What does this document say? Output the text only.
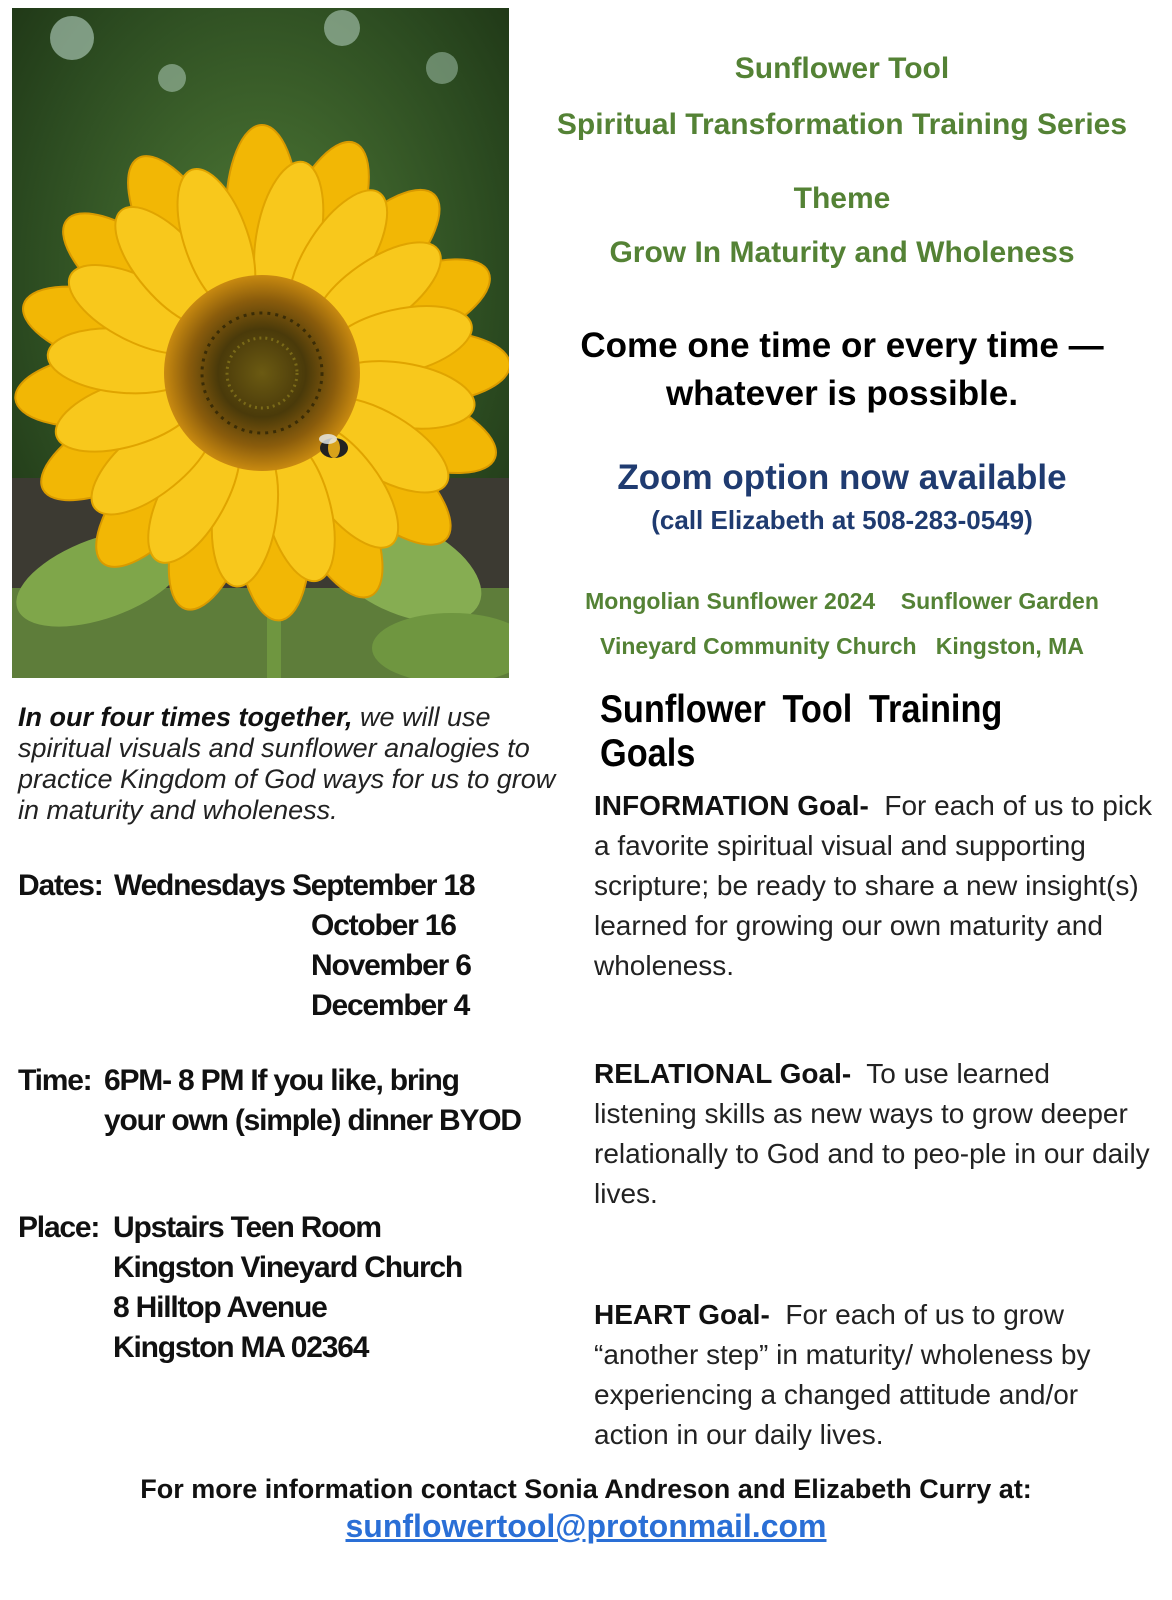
Sunflower Tool
Spiritual Transformation Training Series
Theme
Grow In Maturity and Wholeness
Come one time or every time —
whatever is possible.
Zoom option now available
(call Elizabeth at 508-283-0549)
Mongolian Sunflower 2024    Sunflower Garden
Vineyard Community Church   Kingston, MA
Sunflower Tool Training Goals
INFORMATION Goal-  For each of us to pick a favorite spiritual visual and supporting scripture; be ready to share a new insight(s) learned for growing our own maturity and wholeness.
RELATIONAL Goal-  To use learned listening skills as new ways to grow deeper relationally to God and to peo-ple in our daily lives.
HEART Goal-  For each of us to grow “another step” in maturity/ wholeness by experiencing a changed attitude and/or action in our daily lives.
In our four times together, we will use spiritual visuals and sunflower analogies to practice Kingdom of God ways for us to grow in maturity and wholeness.
Dates: Wednesdays September 18
October 16
November 6
December 4
Time: 6PM- 8 PM If you like, bring
your own (simple) dinner BYOD
Place: Upstairs Teen Room
Kingston Vineyard Church
8 Hilltop Avenue
Kingston MA 02364
For more information contact Sonia Andreson and Elizabeth Curry at:
sunflowertool@protonmail.com
